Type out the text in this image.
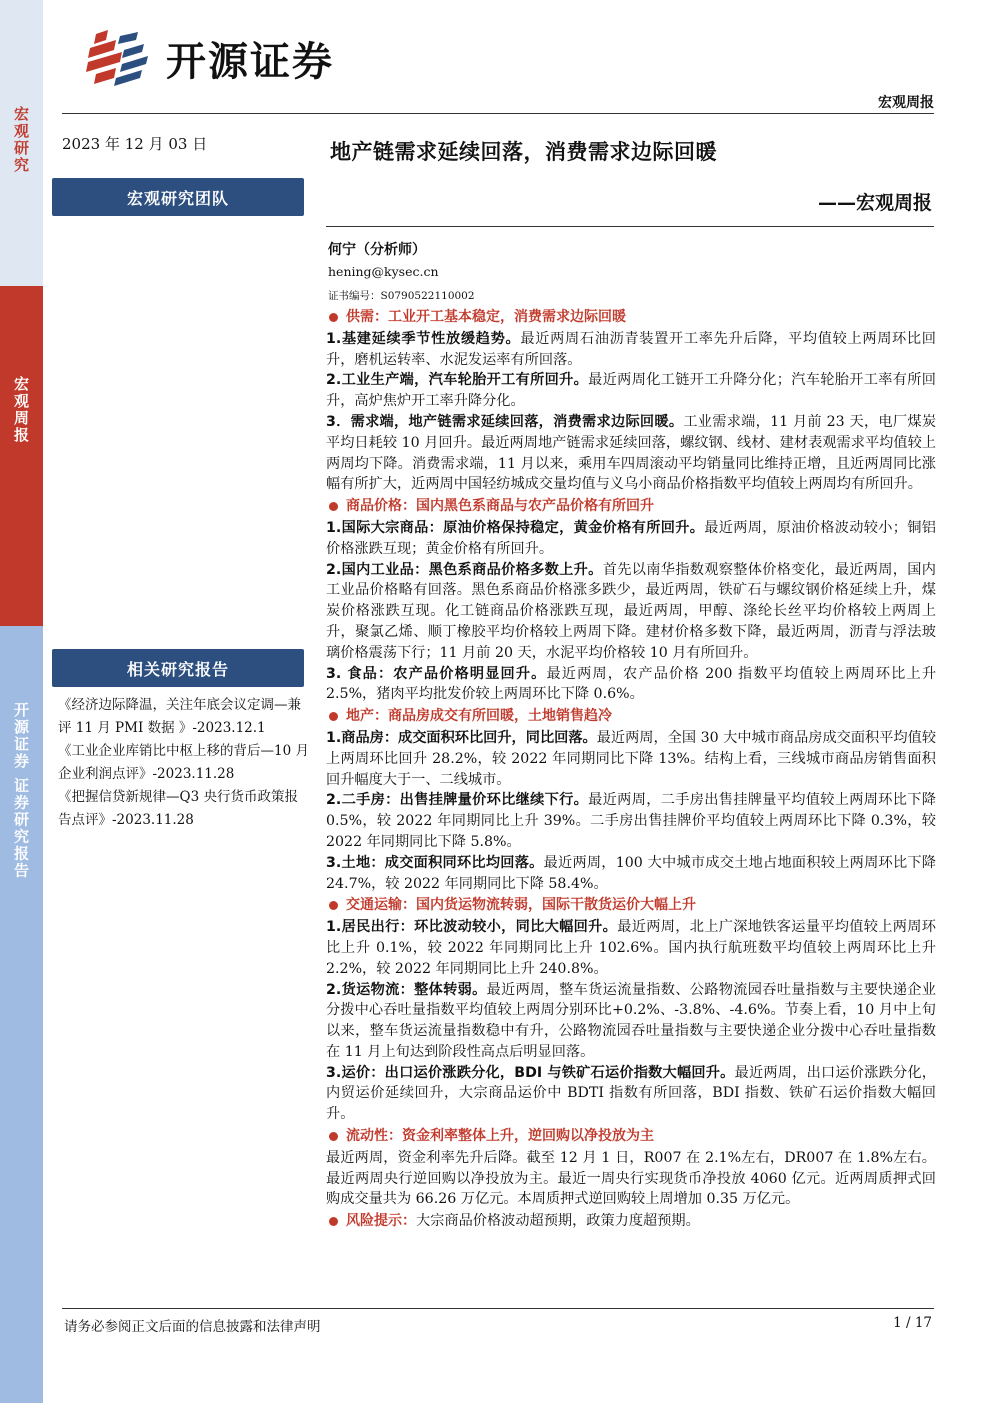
宏观研究
宏观周报
开源证券 证券研究报告
开源证券
宏观周报
2023 年 12 月 03 日
宏观研究团队
相关研究报告

《经济边际降温，关注年底会议定调—兼评 11 月 PMI 数据 》-2023.12.1

《工业企业库销比中枢上移的背后—10 月企业利润点评》-2023.11.28

《把握信贷新规律—Q3 央行货币政策报告点评》-2023.11.28

地产链需求延续回落，消费需求边际回暖
——宏观周报
何宁（分析师）
hening@kysec.cn
证书编号：S0790522110002
供需：工业开工基本稳定，消费需求边际回暖

1.基建延续季节性放缓趋势。最近两周石油沥青装置开工率先升后降，平均值较上两周环比回升，磨机运转率、水泥发运率有所回落。

2.工业生产端，汽车轮胎开工有所回升。最近两周化工链开工升降分化；汽车轮胎开工率有所回升，高炉焦炉开工率升降分化。

3．需求端，地产链需求延续回落，消费需求边际回暖。工业需求端，11 月前 23 天，电厂煤炭平均日耗较 10 月回升。最近两周地产链需求延续回落，螺纹钢、线材、建材表观需求平均值较上两周均下降。消费需求端，11 月以来，乘用车四周滚动平均销量同比维持正增，且近两周同比涨幅有所扩大，近两周中国轻纺城成交量均值与义乌小商品价格指数平均值较上两周均有所回升。

商品价格：国内黑色系商品与农产品价格有所回升

1.国际大宗商品：原油价格保持稳定，黄金价格有所回升。最近两周，原油价格波动较小；铜铝价格涨跌互现；黄金价格有所回升。

2.国内工业品：黑色系商品价格多数上升。首先以南华指数观察整体价格变化，最近两周，国内工业品价格略有回落。黑色系商品价格涨多跌少，最近两周，铁矿石与螺纹钢价格延续上升，煤炭价格涨跌互现。化工链商品价格涨跌互现，最近两周，甲醇、涤纶长丝平均价格较上两周上升，聚氯乙烯、顺丁橡胶平均价格较上两周下降。建材价格多数下降，最近两周，沥青与浮法玻璃价格震荡下行；11 月前 20 天，水泥平均价格较 10 月有所回升。

3. 食品：农产品价格明显回升。最近两周，农产品价格 200 指数平均值较上两周环比上升 2.5%，猪肉平均批发价较上两周环比下降 0.6%。

地产：商品房成交有所回暖，土地销售趋冷

1.商品房：成交面积环比回升，同比回落。最近两周，全国 30 大中城市商品房成交面积平均值较上两周环比回升 28.2%，较 2022 年同期同比下降 13%。结构上看，三线城市商品房销售面积回升幅度大于一、二线城市。

2.二手房：出售挂牌量价环比继续下行。最近两周，二手房出售挂牌量平均值较上两周环比下降 0.5%，较 2022 年同期同比上升 39%。二手房出售挂牌价平均值较上两周环比下降 0.3%，较 2022 年同期同比下降 5.8%。

3.土地：成交面积同环比均回落。最近两周，100 大中城市成交土地占地面积较上两周环比下降 24.7%，较 2022 年同期同比下降 58.4%。

交通运输：国内货运物流转弱，国际干散货运价大幅上升

1.居民出行：环比波动较小，同比大幅回升。最近两周，北上广深地铁客运量平均值较上两周环比上升 0.1%，较 2022 年同期同比上升 102.6%。国内执行航班数平均值较上两周环比上升 2.2%，较 2022 年同期同比上升 240.8%。

2.货运物流：整体转弱。最近两周，整车货运流量指数、公路物流园吞吐量指数与主要快递企业分拨中心吞吐量指数平均值较上两周分别环比+0.2%、-3.8%、-4.6%。节奏上看，10 月中上旬以来，整车货运流量指数稳中有升，公路物流园吞吐量指数与主要快递企业分拨中心吞吐量指数在 11 月上旬达到阶段性高点后明显回落。

3.运价：出口运价涨跌分化，BDI 与铁矿石运价指数大幅回升。最近两周，出口运价涨跌分化，内贸运价延续回升，大宗商品运价中 BDTI 指数有所回落，BDI 指数、铁矿石运价指数大幅回升。

流动性：资金利率整体上升，逆回购以净投放为主

最近两周，资金利率先升后降。截至 12 月 1 日，R007 在 2.1%左右，DR007 在 1.8%左右。最近两周央行逆回购以净投放为主。最近一周央行实现货币净投放 4060 亿元。近两周质押式回购成交量共为 66.26 万亿元。本周质押式逆回购较上周增加 0.35 万亿元。

风险提示： 大宗商品价格波动超预期，政策力度超预期。
请务必参阅正文后面的信息披露和法律声明	1 / 17
